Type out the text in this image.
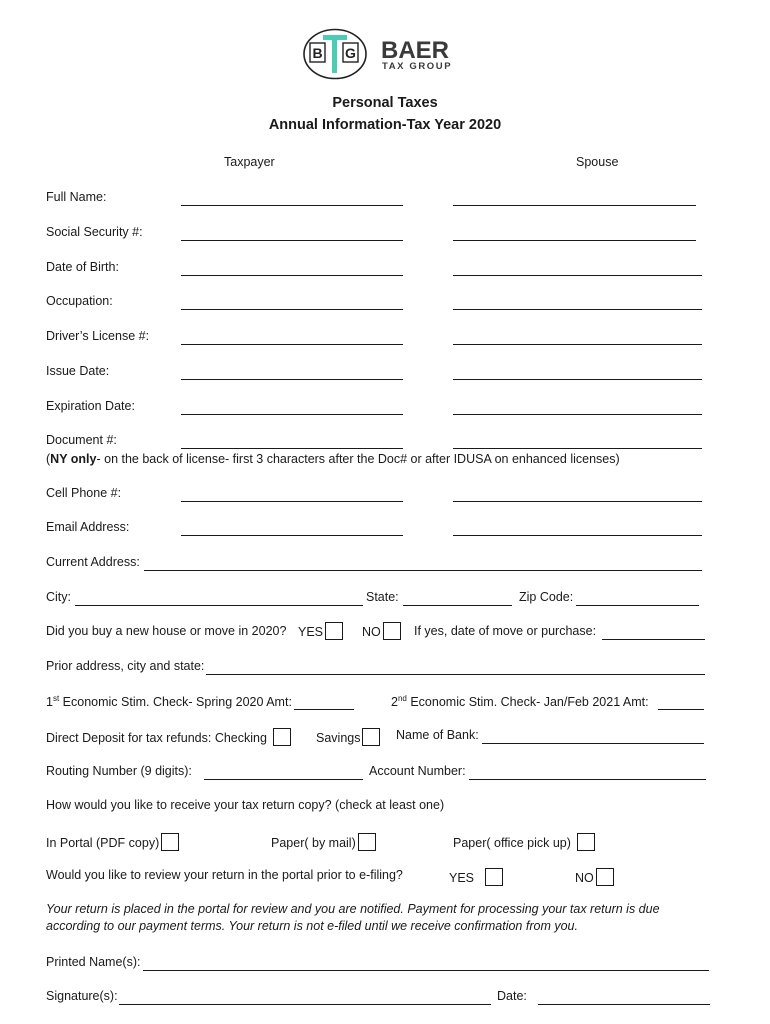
B G BAER
TAX GROUP
Personal Taxes
Annual Information-Tax Year 2020
Taxpayer	Spouse
Full Name:
Social Security #:
Date of Birth:
Occupation:
Driver’s License #:
Issue Date:
Expiration Date:
Document #:
(NY only- on the back of license- first 3 characters after the Doc# or after IDUSA on enhanced licenses)
Cell Phone #:
Email Address:
Current Address:
City:	State:	Zip Code:
Did you buy a new house or move in 2020? YES	NO	If yes, date of move or purchase:
Prior address, city and state:
1st Economic Stim. Check- Spring 2020 Amt:	2nd Economic Stim. Check- Jan/Feb 2021 Amt:
Direct Deposit for tax refunds: Checking	Savings	Name of Bank:
Routing Number (9 digits):	Account Number:
How would you like to receive your tax return copy? (check at least one)
In Portal (PDF copy)	Paper( by mail)	Paper( office pick up)
Would you like to review your return in the portal prior to e-filing?	YES	NO
Your return is placed in the portal for review and you are notified. Payment for processing your tax return is due
according to our payment terms. Your return is not e-filed until we receive confirmation from you.
Printed Name(s):
Signature(s):	Date:
